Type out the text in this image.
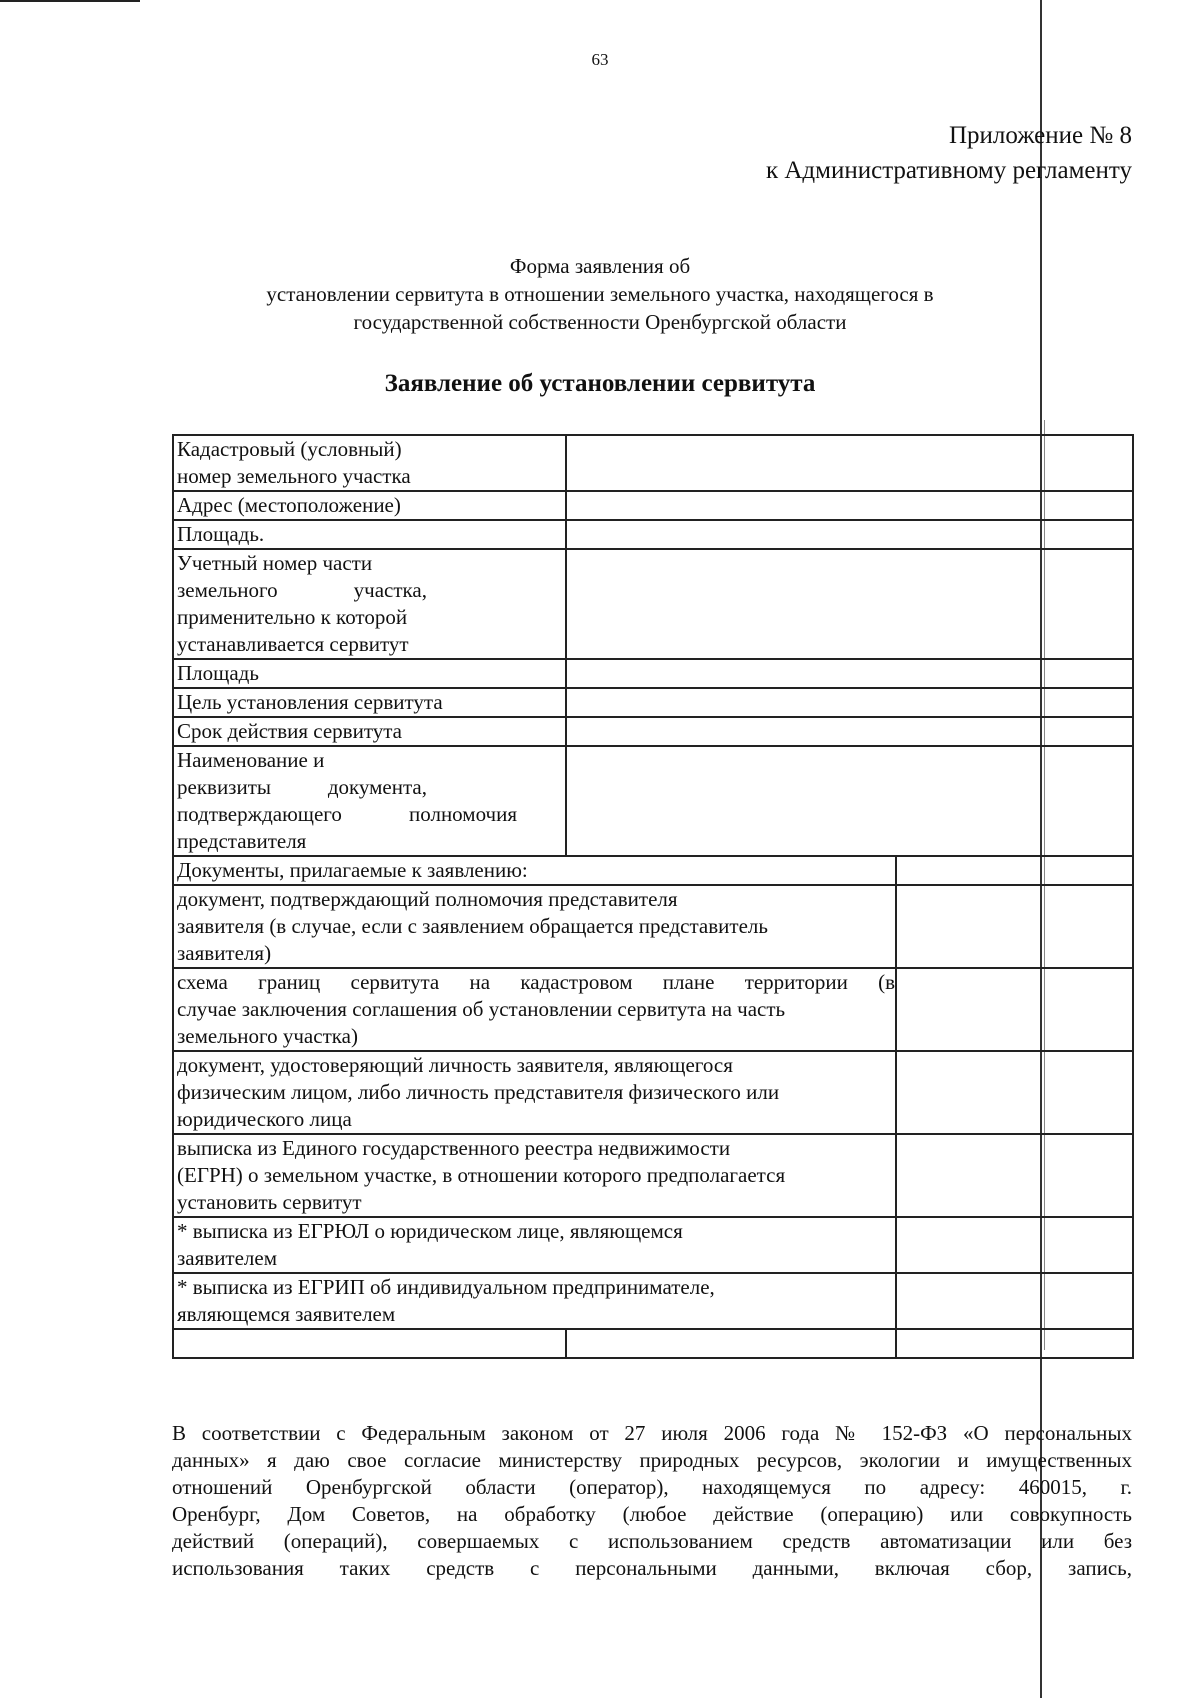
63
Приложение № 8
к Административному регламенту
Форма заявления об
установлении сервитута в отношении земельного участка, находящегося в
государственной собственности Оренбургской области
Заявление об установлении сервитута
Кадастровый (условный)
номер земельного участка		

Адрес (местоположение)		

Площадь.		

Учетный номер части
земельного участка,
применительно к которой
устанавливается сервитут		

Площадь		

Цель установления сервитута		

Срок действия сервитута		

Наименование и
реквизиты документа,
подтверждающего полномочия
представителя		

Документы, прилагаемые к заявлению:		

документ, подтверждающий полномочия представителя
заявителя (в случае, если с заявлением обращается представитель
заявителя)		

схема границ сервитута на кадастровом плане территории (в
случае заключения соглашения об установлении сервитута на часть
земельного участка)		

документ, удостоверяющий личность заявителя, являющегося
физическим лицом, либо личность представителя физического или
юридического лица		

выписка из Единого государственного реестра недвижимости
(ЕГРН) о земельном участке, в отношении которого предполагается
установить сервитут		

* выписка из ЕГРЮЛ о юридическом лице, являющемся
заявителем		

* выписка из ЕГРИП об индивидуальном предпринимателе,
являющемся заявителем		

В соответствии с Федеральным законом от 27 июля 2006 года № 152-ФЗ «О персональных
данных» я даю свое согласие министерству природных ресурсов, экологии и имущественных
отношений Оренбургской области (оператор), находящемуся по адресу: 460015, г.
Оренбург, Дом Советов, на обработку (любое действие (операцию) или совокупность
действий (операций), совершаемых с использованием средств автоматизации или без
использования таких средств с персональными данными, включая сбор, запись,
